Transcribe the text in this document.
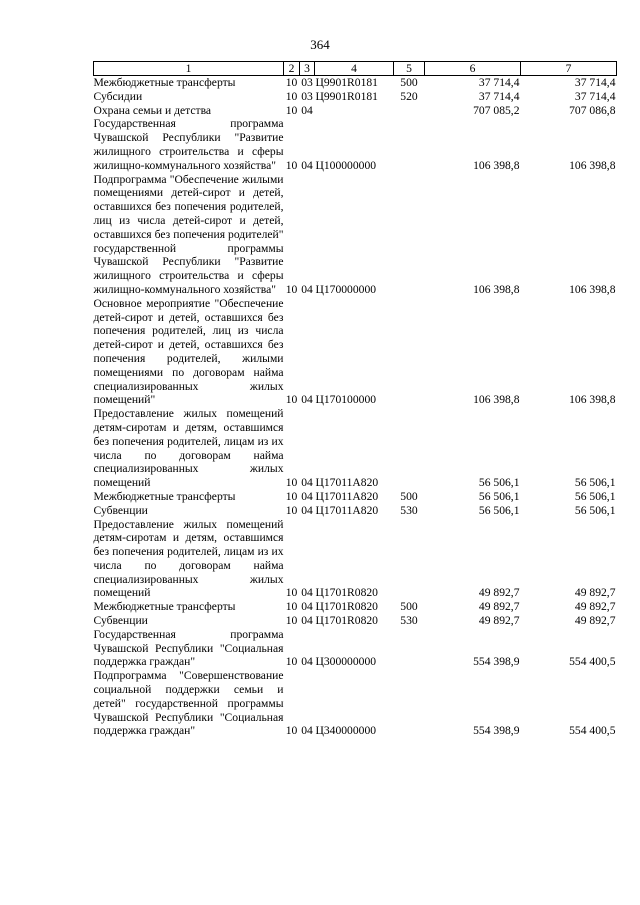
364
1	2	3	4	5	6	7
Межбюджетные трансферты	10	03	Ц9901R0181	500	37 714,4	37 714,4
Субсидии	10	03	Ц9901R0181	520	37 714,4	37 714,4
Охрана семьи и детства	10	04			707 085,2	707 086,8
Государственная программа Чувашской Республики "Развитие жилищного строительства и сферы жилищно-коммунального хозяйства"	10	04	Ц100000000		106 398,8	106 398,8
Подпрограмма "Обеспечение жилыми помещениями детей-сирот и детей, оставшихся без попечения родителей, лиц из числа детей-сирот и детей, оставшихся без попечения родителей" государственной программы Чувашской Республики "Развитие жилищного строительства и сферы жилищно-коммунального хозяйства"	10	04	Ц170000000		106 398,8	106 398,8
Основное мероприятие "Обеспечение детей-сирот и детей, оставшихся без попечения родителей, лиц из числа детей-сирот и детей, оставшихся без попечения родителей, жилыми помещениями по договорам найма специализированных жилых помещений"	10	04	Ц170100000		106 398,8	106 398,8
Предоставление жилых помещений детям-сиротам и детям, оставшимся без попечения родителей, лицам из их числа по договорам найма специализированных жилых помещений	10	04	Ц17011A820		56 506,1	56 506,1
Межбюджетные трансферты	10	04	Ц17011A820	500	56 506,1	56 506,1
Субвенции	10	04	Ц17011A820	530	56 506,1	56 506,1
Предоставление жилых помещений детям-сиротам и детям, оставшимся без попечения родителей, лицам из их числа по договорам найма специализированных жилых помещений	10	04	Ц1701R0820		49 892,7	49 892,7
Межбюджетные трансферты	10	04	Ц1701R0820	500	49 892,7	49 892,7
Субвенции	10	04	Ц1701R0820	530	49 892,7	49 892,7
Государственная программа Чувашской Республики "Социальная поддержка граждан"	10	04	Ц300000000		554 398,9	554 400,5
Подпрограмма "Совершенствование социальной поддержки семьи и детей" государственной программы Чувашской Республики "Социальная поддержка граждан"	10	04	Ц340000000		554 398,9	554 400,5
